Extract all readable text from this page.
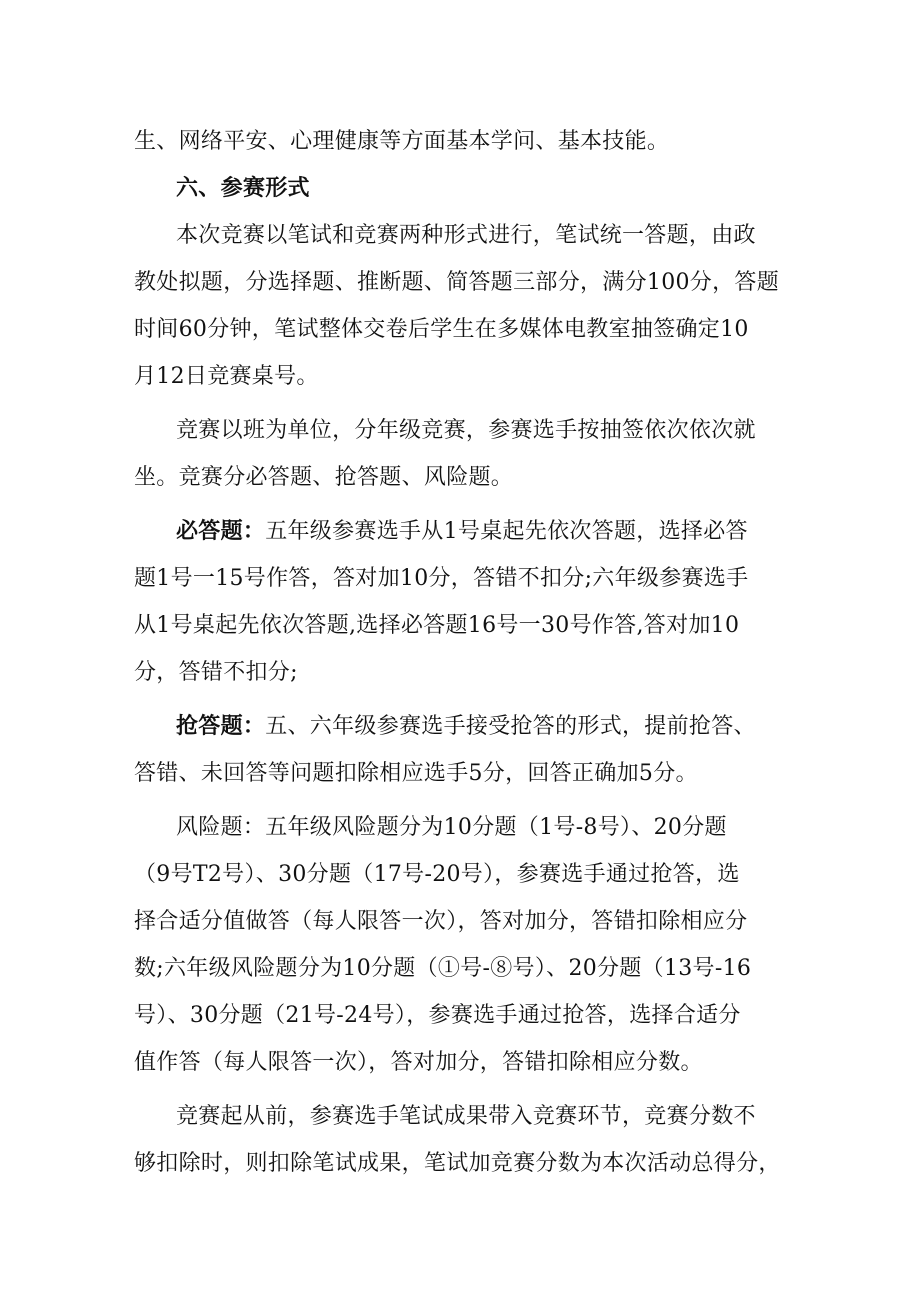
生、网络平安、心理健康等方面基本学问、基本技能。
六、参赛形式
本次竞赛以笔试和竞赛两种形式进行，笔试统一答题，由政
教处拟题，分选择题、推断题、简答题三部分，满分100分，答题
时间60分钟，笔试整体交卷后学生在多媒体电教室抽签确定10
月12日竞赛桌号。
竞赛以班为单位，分年级竞赛，参赛选手按抽签依次依次就
坐。竞赛分必答题、抢答题、风险题。
必答题：五年级参赛选手从1号桌起先依次答题，选择必答
题1号一15号作答，答对加10分，答错不扣分;六年级参赛选手
从1号桌起先依次答题,选择必答题16号一30号作答,答对加10
分，答错不扣分;
抢答题：五、六年级参赛选手接受抢答的形式，提前抢答、
答错、未回答等问题扣除相应选手5分，回答正确加5分。
风险题：五年级风险题分为10分题（1号-8号）、20分题
（9号T2号）、30分题（17号-20号），参赛选手通过抢答，选
择合适分值做答（每人限答一次），答对加分，答错扣除相应分
数;六年级风险题分为10分题（①号-⑧号）、20分题（13号-16
号）、30分题（21号-24号），参赛选手通过抢答，选择合适分
值作答（每人限答一次），答对加分，答错扣除相应分数。
竞赛起从前，参赛选手笔试成果带入竞赛环节，竞赛分数不
够扣除时，则扣除笔试成果，笔试加竞赛分数为本次活动总得分，
